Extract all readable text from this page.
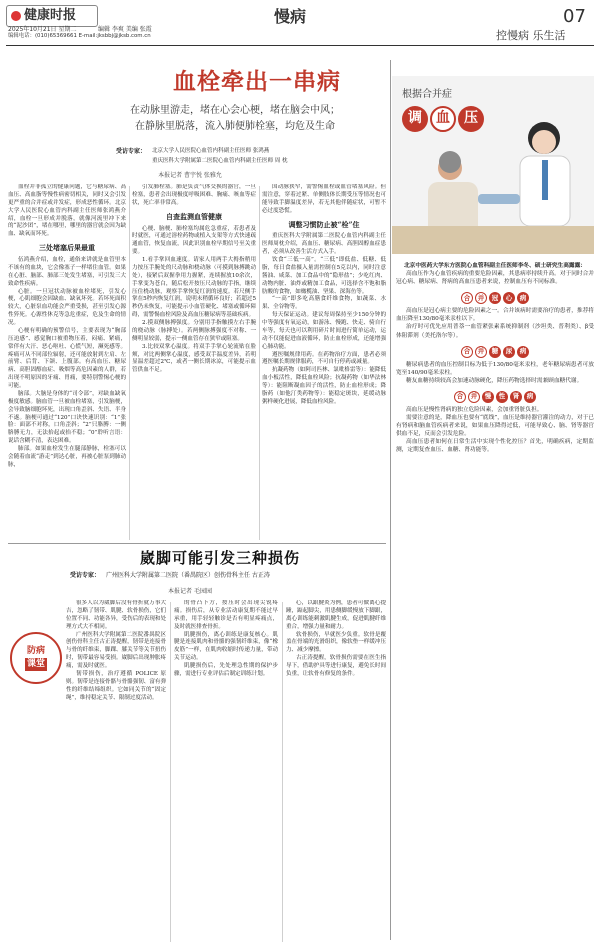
健康时报
2025年10月21日 星期二	编辑 李爽 美编 张霞
编辑电话：(010)65369661 E-mail:jksbbj@jksb.com.cn
慢病	07
控慢病 乐生活
血栓牵出一串病
在动脉里游走，堵在心会心梗，堵在脑会中风；
在静脉里脱落，流入肺便肺栓塞，均危及生命
受访专家： 北京大学人民医院心血管内科副主任医师 张鸿燕
重庆医科大学附属第二医院心血管内科副主任医师 周 枕
本报记者 曹宇悦 张雅允

血栓并非孤立的健康问题，它与糖尿病、高血压、高血脂等慢性病密切相关，同时又会引发更严重的合并症或并发症，形成恶性循环。北京大学人民医院心血管内科副主任医师张鸿燕介绍，血栓一旦形成并脱落，就像河流里冲下来的“泥沙团”，堵在哪里，哪里的器官就会因为缺血、缺氧而坏死。

三处堵塞后果最重

伍鸿燕介绍，血栓，通俗来讲就是血管里本不该有的血块，它会像塞子一样堵住血管。如果在心脏、脑部、肺部三处发生堵塞，可引发三大致命性疾病。

心脏。一旦冠状动脉被血栓堵死，引发心梗，心肌细胞会因缺血、缺氧坏死。若坏死面积较大，心脏泵血功能会严重受损，甚至引发心源性猝死。心源性休克等急危重症，危及生命的情况。

心梗有明确的预警信号，主要表现为“胸部压迫感”、感觉胸口被重物压着，闷痛、紧痛，常伴有大汗、恶心呕吐、心慌气短，濒死感等。疼痛可从不同部位辐射，还可能放射到左肩、左前臂、后背、下颌、上腹部。有高血压、糖尿病、高胆固醇血症、吸烟等高危因素的人群，若出现不明原因的牙痛、胃痛，要特别警惕心梗的可能。

脑部。大脑是身体的“司令部”，对缺血缺氧极度敏感。脑血管一旦被血栓堵塞，引发脑梗，会导致脑细胞坏死，出现口角歪斜、失语、半身不遂。脑梗可通过“120”口诀快速识别：“1”张脸：面部不对称，口角歪斜；“2”只胳膊：一侧胳膊无力，无法抬起或抬不稳；“0”聆听言语：说话含糊不清，表达困难。

肺部。如果血栓发生在腿部静脉，栓塞可以会随着血流“游走”到达心脏，再被心脏泵到肺动脉，

引发肺栓塞。肺是负责气体交换的器官，一旦栓塞，患者会出现极度呼吸困难、胸痛、咳血等症状，死亡率非常高。

自查监测血管健康

心梗、脑梗、肺栓塞均属危急重症，若患者及时就医，可通过溶栓药物或植入支架等方式快速疏通血管，恢复血流，因此识别血栓早期信号至关重要。

1.看手掌回血速度。请家人用两手大拇指稍用力按压手腕处的尺动脉和桡动脉（可摸到脉搏跳动处），接紧后双握拳用力握紧，连续握放10余次，手掌变为苍白，随后松开按压尺动脉的手指，继续压住桡动脉，观察手掌恢复红润的速度。若尺侧手掌在5秒内恢复红润，说明未稍循环良好；若超过5秒仍未恢复，可能提示小血管硬化、堵塞或循环障碍，需警惕血栓风险及高血压糖尿病等基础疾病。

2.摸双侧脉搏强度。分别用手指触摸左右手腕的桡动脉（脉搏处）。若两侧脉搏强度不对称、一侧明显较弱，提示一侧血管存在狭窄或阻塞。

3.比较双掌心温度。将双手手掌心轮流贴在脸颊，对比两侧掌心温度，感受双手温度差异，若明显温差超过2℃，或者一侧长期冰凉，可能提示血管供血不足。

国动脉狭窄，需警惕血栓或血管堵塞风险。但需注意，穿着过紧、单侧肢体长期受压等情况也可能导致手脚温度差异，若无其他伴随症状，可暂不必过度恐慌。

调整习惯防止被“栓”住

重庆医科大学附属第二医院心血管内科副主任医师周枕介绍，高血压、糖尿病、高胆固醇血症患者，必须从改善生活方式入手。

饮食“三低一高”。“三低”即低盐、低糖、低脂，每日食盐摄入量需控制在5克以内，同时注意酱油、咸菜、加工食品中的“隐形盐”；少吃红肉、动物内脏、油炸或精加工食品，可选择含不饱和脂肪酸的食物，如橄榄油、坚果、深海鱼等。

“一高”即多吃高膳食纤维食物，如蔬菜、水果、全谷物等。

每天保证运动。建议每周保持至少150分钟的中等强度有氧运动，如游泳、慢跑、快走、骑自行车等，每天也可以利用碎片时间进行简单运动，运动不仅能促进血液循环，防止血栓形成，还能增强心肺功能。

遵医嘱规律用药。在药物治疗方面，患者必须遵医嘱长期规律服药，不可自行停药或减量。

抗凝药物（如阿司匹林、氯吡格雷等）：能降低血小板活性，降低血栓风险；抗凝药物（如华法林等）：能阻断凝血因子的活性，防止血栓形成；降脂药（如他汀类药物等）：能稳定斑块，延缓动脉粥样硬化进展，降低血栓风险。

根据合并症
调	血	压

北京中医药大学东方医院心血管科副主任医师李冬、硕士研究生高露露：

高血压作为心血管疾病的重要危险因素，其患病率持续升高。对于同时合并冠心病、糖尿病、肾病的高血压患者来说，控制血压有不同标准。

合	并	冠	心	病

高血压是冠心病主要的危险因素之一。合并该病时需要治疗的患者，推荐将血压降至130/80毫米汞柱以下。

治疗时可优先应用普萘一血管紧张素系统抑制剂（沙坦类、普利类）、β受体阻滞剂（美托洛尔等）。

合	并	糖	尿	病

糖尿病患者的血压控制目标为低于130/80毫米汞柱，老年糖尿病患者可放宽至140/90毫米汞柱。

糖友血糖持续较高会加速动脉硬化，降压药物选择时需兼顾血糖代谢。

合	并	慢	性	肾	病

高血压是慢性肾病的独立危险因素，会加重肾脏负担。

需要注意的是，降血压也要有“底线”，血压是维持器官灌注的动力，对于已有肾病和脑血管疾病者来说，如果血压降得过低，可能导致心、脑、肾等器官供血不足，反而会引发危险。

高血压患者如何在日常生活中实现个性化控压？首先，明确疾病，定期监测，定期复查血压、血糖、肾功能等。

崴脚可能引发三种损伤
受访专家： 广州医科大学附属第二医院（番禺院区）创伤骨科主任 古正涛
本报记者 毛园园
防病
课堂

很多人以为崴脚后没有骨折就万事大吉，忽略了韧带、肌腱、软骨损伤，它们位置不同、功能各异，受伤后的表现和处理方式大不相同。

广州医科大学附属第二医院番禺院区创伤骨科主任古正涛提醒，韧带是连接骨与骨的纤维束，脚踝、膝关节等关节扭伤时，韧带最容易受损。崴脚后出现肿胀疼痛，需及时就医。

韧带损伤，治疗遵循 POLICE 原则。韧带是连接骨骼与骨骼强韧、富有弹性的纤维结缔组织。它如同关节的“固定绳”，维持稳定关节、限制过度活动。

的骨凸下方，按压时会出现尖锐疼痛。损伤后，从专业活动康复期不能过早承重，用手轻轻触诊是否有明显疼痛点，及时就医排查骨折。

肌腱损伤，离心训练是康复核心。肌腱是连接肌肉和骨骼的强韧纤维束，像“橡皮筋”一样，在肌肉收缩时传递力量，带动关节运动。

肌腱损伤后，先处理急性期的保护步骤，需进行专业评估后制定训练计划。

心，以跟腱炎为例，患者可做离心提踵，踮起脚尖，用患侧脚缓慢放下脚跟，离心训练能刺激肌腱生成，促进肌腱纤维重合，增强力量和耐力。

软骨损伤，早就医少负重。软骨是覆盖在骨端的光滑组织，像软垫一样缓冲压力、减少摩擦。

古正涛提醒，软骨损伤需要在医生指导下，借助护具等进行康复，避免长时间负重，让软骨有修复的条件。
